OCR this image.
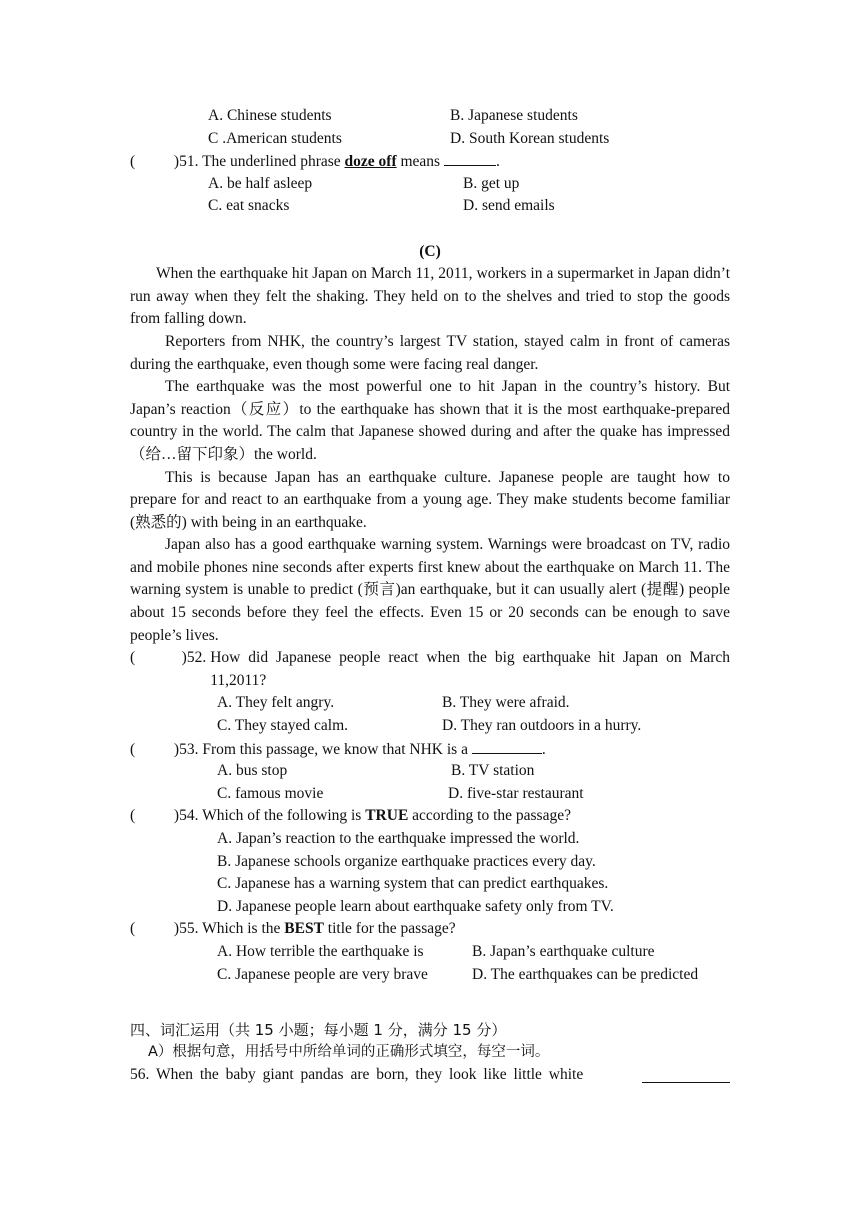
A. Chinese students	B. Japanese students
C .American students	D. South Korean students
(          )51. The underlined phrase doze off means	.
A. be half asleep	B. get up
C. eat snacks	D. send emails
(C)
When the earthquake hit Japan on March 11, 2011, workers in a supermarket in Japan didn’t run away when they felt the shaking. They held on to the shelves and tried to stop the goods from falling down.
Reporters from NHK, the country’s largest TV station, stayed calm in front of cameras during the earthquake, even though some were facing real danger.
The earthquake was the most powerful one to hit Japan in the country’s history. But Japan’s reaction（反应）to the earthquake has shown that it is the most earthquake-prepared country in the world. The calm that Japanese showed during and after the quake has impressed （给…留下印象）the world.
This is because Japan has an earthquake culture. Japanese people are taught how to prepare for and react to an earthquake from a young age. They make students become familiar (熟悉的) with being in an earthquake.
Japan also has a good earthquake warning system. Warnings were broadcast on TV, radio and mobile phones nine seconds after experts first knew about the earthquake on March 11. The warning system is unable to predict (预言)an earthquake, but it can usually alert (提醒) people about 15 seconds before they feel the effects. Even 15 or 20 seconds can be enough to save people’s lives.
(            )52. How did Japanese people react when the big earthquake hit Japan on March 11,2011?
A. They felt angry.	B. They were afraid.
C. They stayed calm.	D. They ran outdoors in a hurry.
(          )53. From this passage, we know that NHK is a	.
A. bus stop	B. TV station
C. famous movie	D. five-star restaurant
(          )54. Which of the following is TRUE according to the passage?
A. Japan’s reaction to the earthquake impressed the world.
B. Japanese schools organize earthquake practices every day.
C. Japanese has a warning system that can predict earthquakes.
D. Japanese people learn about earthquake safety only from TV.
(          )55. Which is the BEST title for the passage?
A. How terrible the earthquake is	B. Japan’s earthquake culture
C. Japanese people are very brave	D. The earthquakes can be predicted
四、词汇运用（共 15 小题；每小题 1 分，满分 15 分）
A）根据句意，用括号中所给单词的正确形式填空，每空一词。
56. When the baby giant pandas are born, they look like little white
